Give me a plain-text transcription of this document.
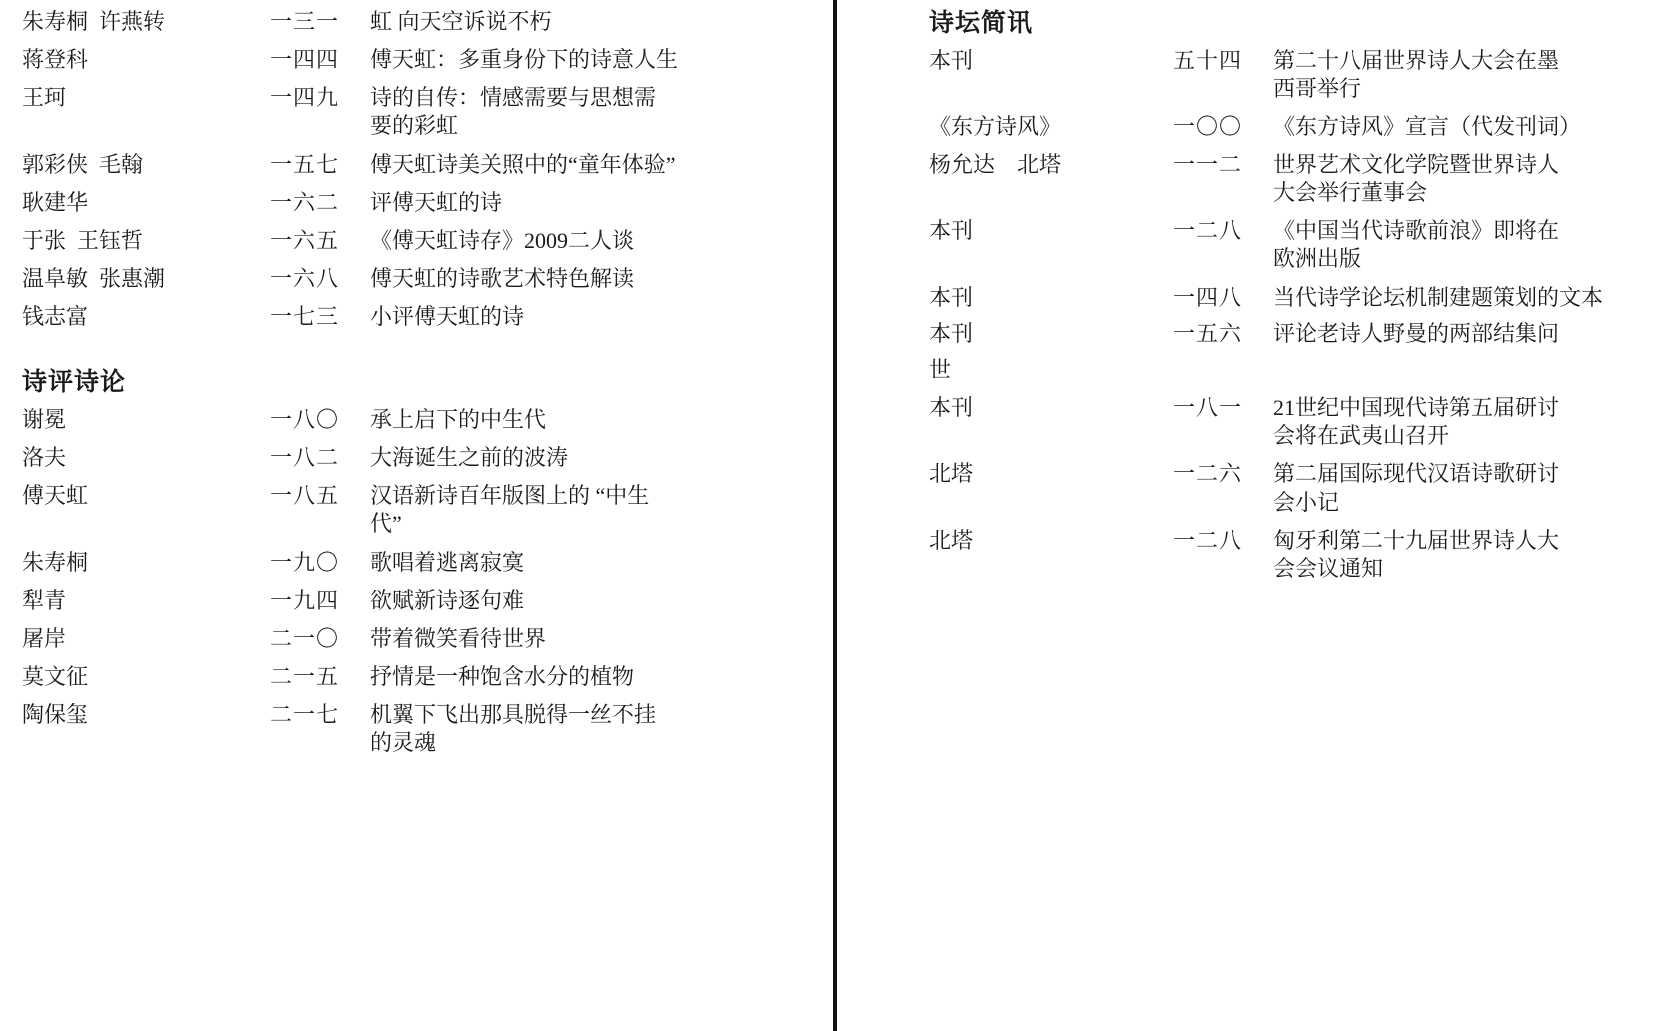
朱寿桐  许燕转	一三一	虹 向天空诉说不朽
蒋登科	一四四	傅天虹：多重身份下的诗意人生
王珂	一四九	诗的自传：情感需要与思想需
要的彩虹
郭彩侠  毛翰	一五七	傅天虹诗美关照中的“童年体验”
耿建华	一六二	评傅天虹的诗
于张  王钰哲	一六五	《傅天虹诗存》2009二人谈
温阜敏  张惠潮	一六八	傅天虹的诗歌艺术特色解读
钱志富	一七三	小评傅天虹的诗
诗评诗论
谢冕	一八〇	承上启下的中生代
洛夫	一八二	大海诞生之前的波涛
傅天虹	一八五	汉语新诗百年版图上的 “中生
代”
朱寿桐	一九〇	歌唱着逃离寂寞
犁青	一九四	欲赋新诗逐句难
屠岸	二一〇	带着微笑看待世界
莫文征	二一五	抒情是一种饱含水分的植物
陶保玺	二一七	机翼下飞出那具脱得一丝不挂
的灵魂
诗坛简讯
本刊	五十四	第二十八届世界诗人大会在墨
西哥举行
《东方诗风》	一〇〇	《东方诗风》宣言（代发刊词）
杨允达    北塔	一一二	世界艺术文化学院暨世界诗人
大会举行董事会
本刊	一二八	《中国当代诗歌前浪》即将在
欧洲出版
本刊	一四八	当代诗学论坛机制建题策划的文本
本刊	一五六	评论老诗人野曼的两部结集问
世
本刊	一八一	21世纪中国现代诗第五届研讨
会将在武夷山召开
北塔	一二六	第二届国际现代汉语诗歌研讨
会小记
北塔	一二八	匈牙利第二十九届世界诗人大
会会议通知
